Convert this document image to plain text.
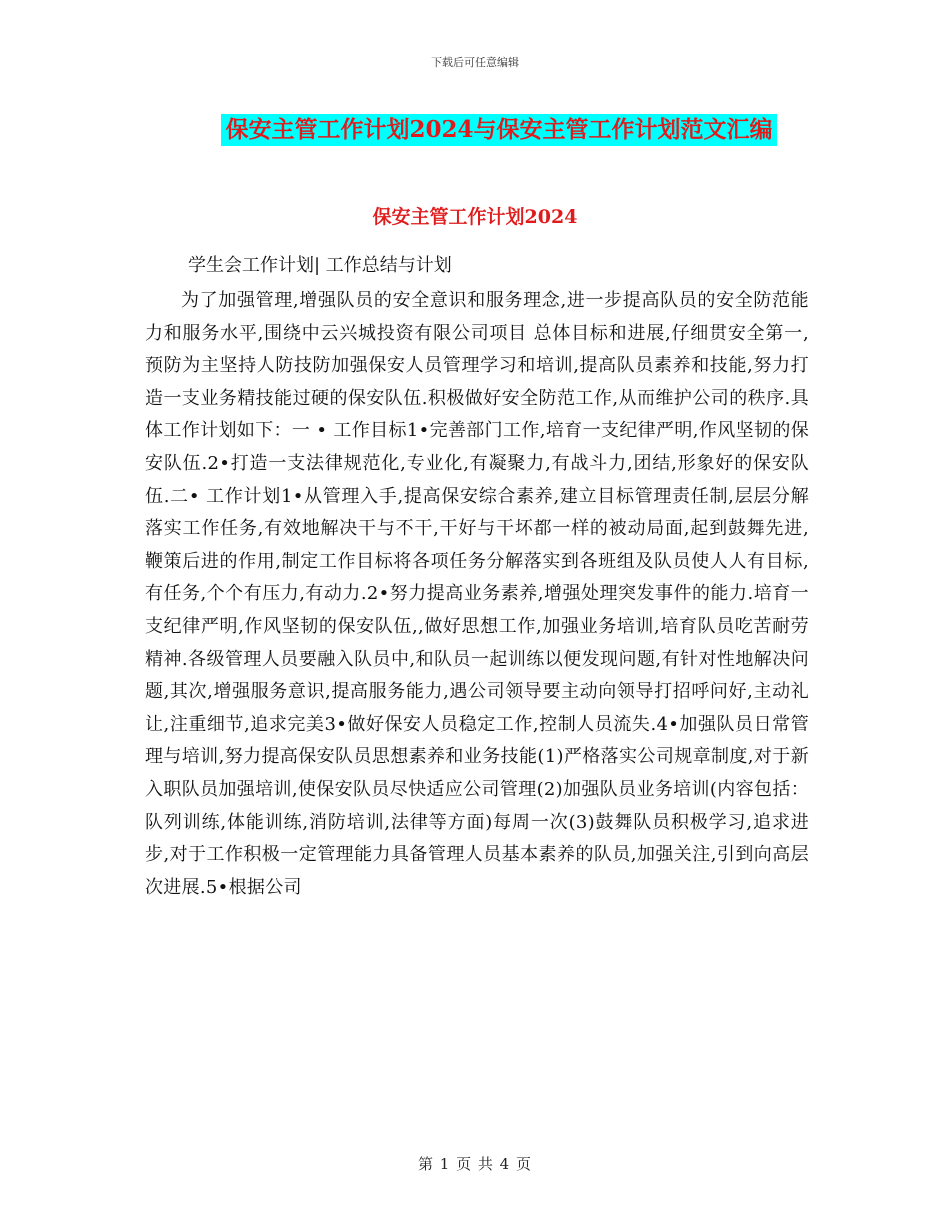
下载后可任意编辑
保安主管工作计划2024与保安主管工作计划范文汇编
保安主管工作计划2024
学生会工作计划| 工作总结与计划

为了加强管理,增强队员的安全意识和服务理念,进一步提高队员的安全防范能力和服务水平,围绕中云兴城投资有限公司项目 总体目标和进展,仔细贯安全第一,预防为主坚持人防技防加强保安人员管理学习和培训,提高队员素养和技能,努力打造一支业务精技能过硬的保安队伍.积极做好安全防范工作,从而维护公司的秩序.具体工作计划如下：一 • 工作目标1•完善部门工作,培育一支纪律严明,作风坚韧的保安队伍.2•打造一支法律规范化,专业化,有凝聚力,有战斗力,团结,形象好的保安队伍.二• 工作计划1•从管理入手,提高保安综合素养,建立目标管理责任制,层层分解落实工作任务,有效地解决干与不干,干好与干坏都一样的被动局面,起到鼓舞先进,鞭策后进的作用,制定工作目标将各项任务分解落实到各班组及队员使人人有目标,有任务,个个有压力,有动力.2•努力提高业务素养,增强处理突发事件的能力.培育一支纪律严明,作风坚韧的保安队伍,,做好思想工作,加强业务培训,培育队员吃苦耐劳精神.各级管理人员要融入队员中,和队员一起训练以便发现问题,有针对性地解决问题,其次,增强服务意识,提高服务能力,遇公司领导要主动向领导打招呼问好,主动礼让,注重细节,追求完美3•做好保安人员稳定工作,控制人员流失.4•加强队员日常管理与培训,努力提高保安队员思想素养和业务技能(1)严格落实公司规章制度,对于新入职队员加强培训,使保安队员尽快适应公司管理(2)加强队员业务培训(内容包括：队列训练,体能训练,消防培训,法律等方面)每周一次(3)鼓舞队员积极学习,追求进步,对于工作积极一定管理能力具备管理人员基本素养的队员,加强关注,引到向高层次进展.5•根据公司

第 1 页 共 4 页
